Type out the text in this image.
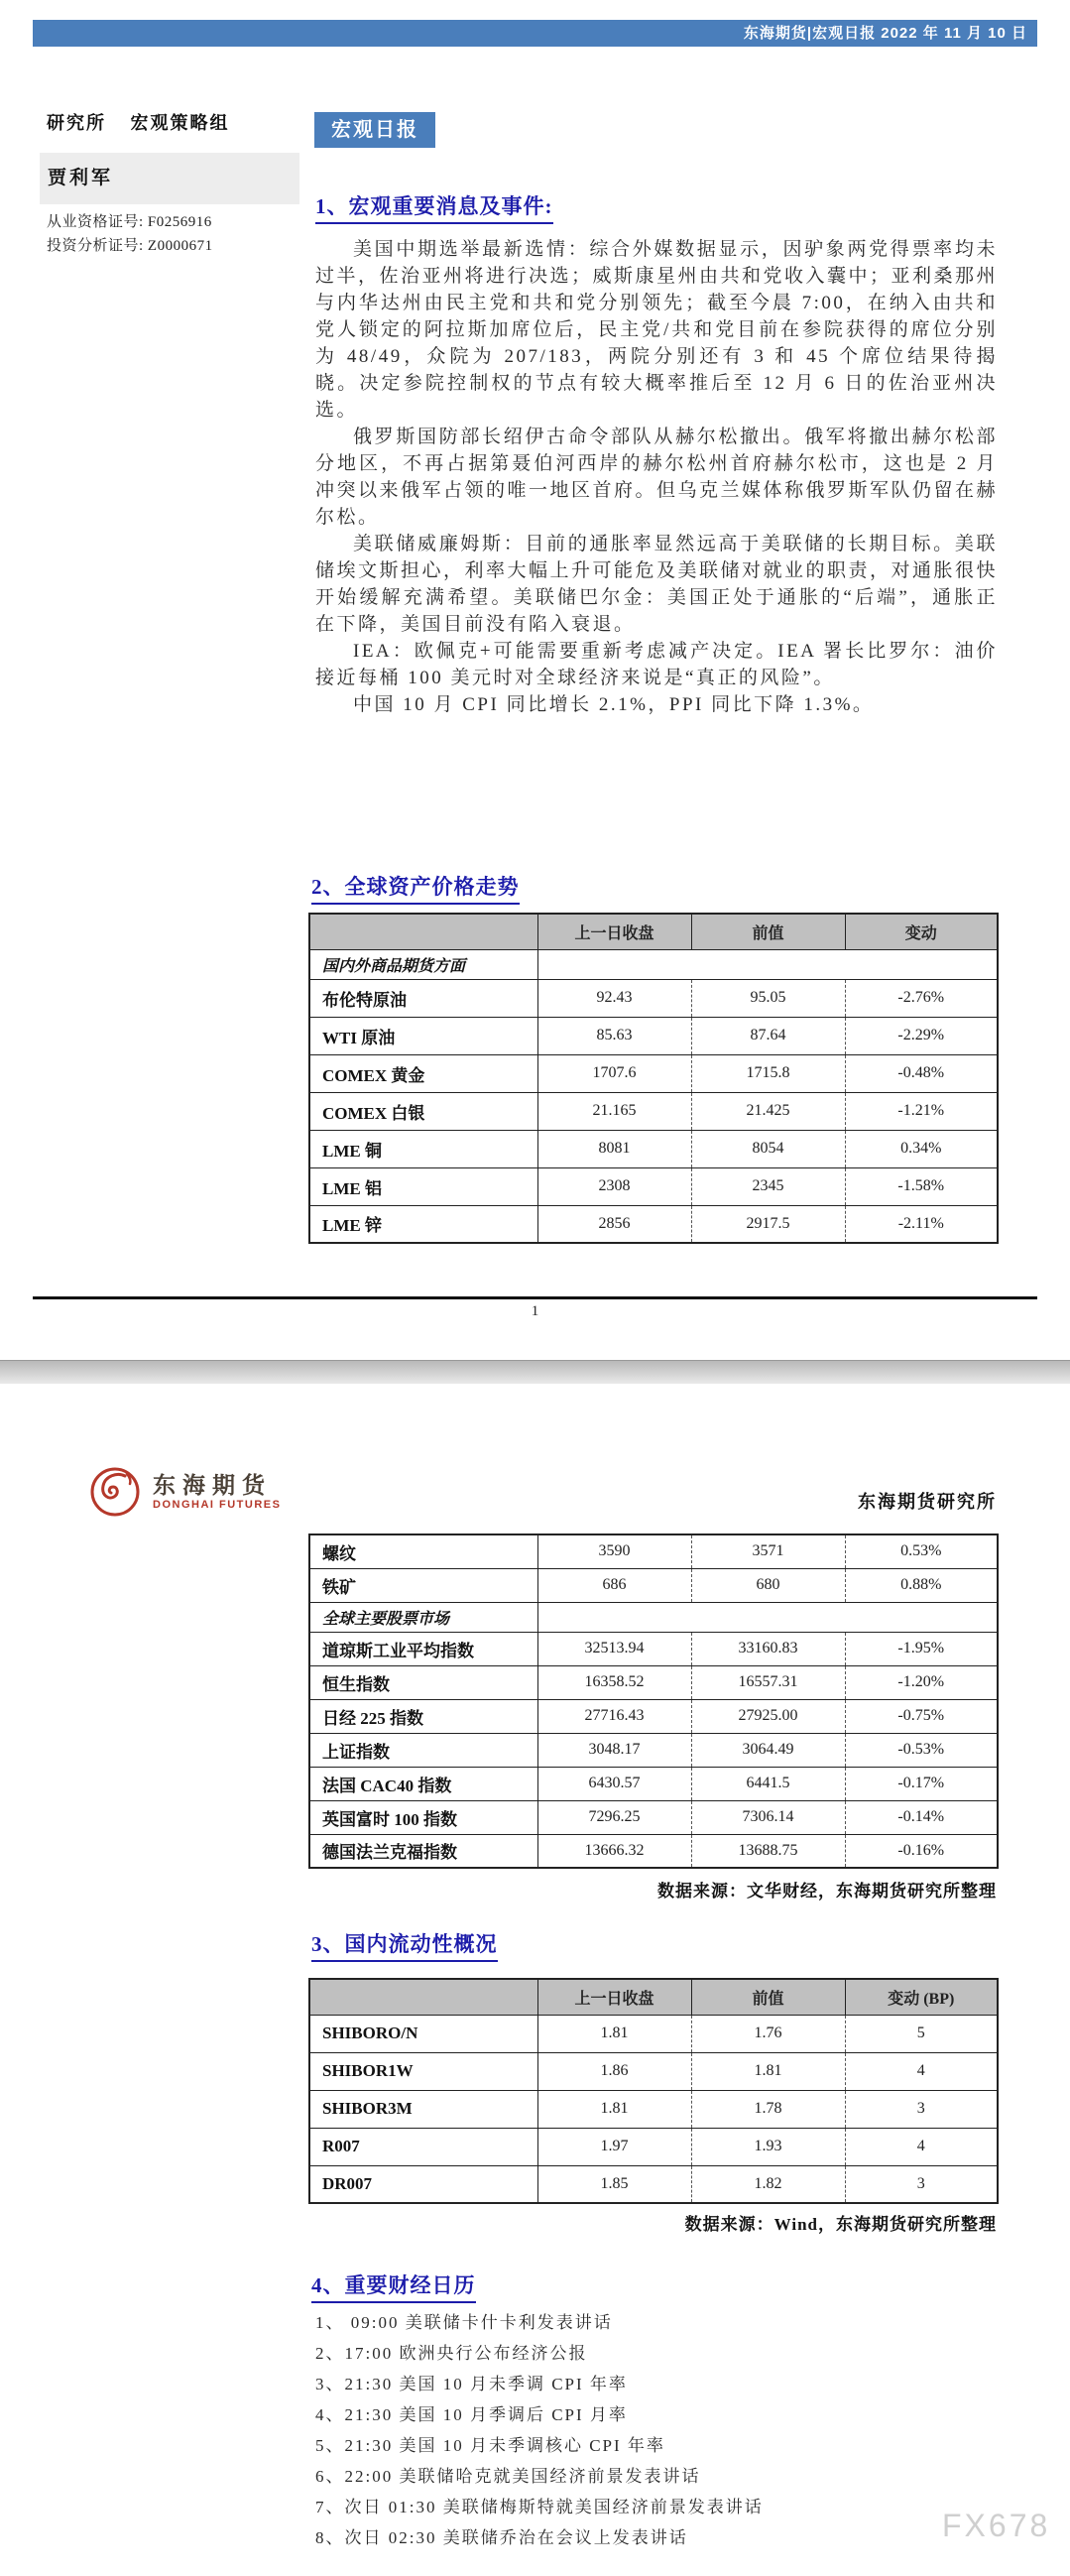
东海期货|宏观日报 2022 年 11 月 10 日
研究所 宏观策略组	宏观日报
贾利军
从业资格证号: F0256916
投资分析证号: Z0000671
1、宏观重要消息及事件:

美国中期选举最新选情：综合外媒数据显示，因驴象两党得票率均未过半，佐治亚州将进行决选；威斯康星州由共和党收入囊中；亚利桑那州与内华达州由民主党和共和党分别领先；截至今晨 7:00，在纳入由共和党人锁定的阿拉斯加席位后，民主党/共和党目前在参院获得的席位分别为 48/49，众院为 207/183，两院分别还有 3 和 45 个席位结果待揭晓。决定参院控制权的节点有较大概率推后至 12 月 6 日的佐治亚州决选。

俄罗斯国防部长绍伊古命令部队从赫尔松撤出。俄军将撤出赫尔松部分地区，不再占据第聂伯河西岸的赫尔松州首府赫尔松市，这也是 2 月冲突以来俄军占领的唯一地区首府。但乌克兰媒体称俄罗斯军队仍留在赫尔松。

美联储威廉姆斯：目前的通胀率显然远高于美联储的长期目标。美联储埃文斯担心，利率大幅上升可能危及美联储对就业的职责，对通胀很快开始缓解充满希望。美联储巴尔金：美国正处于通胀的“后端”，通胀正在下降，美国目前没有陷入衰退。

IEA：欧佩克+可能需要重新考虑减产决定。IEA 署长比罗尔：油价接近每桶 100 美元时对全球经济来说是“真正的风险”。

中国 10 月 CPI 同比增长 2.1%，PPI 同比下降 1.3%。

2、全球资产价格走势
	上一日收盘	前值	变动
国内外商品期货方面			
布伦特原油	92.43	95.05	-2.76%
WTI 原油	85.63	87.64	-2.29%
COMEX 黄金	1707.6	1715.8	-0.48%
COMEX 白银	21.165	21.425	-1.21%
LME 铜	8081	8054	0.34%
LME 铝	2308	2345	-1.58%
LME 锌	2856	2917.5	-2.11%
1
东海期货
DONGHAI FUTURES	东海期货研究所
螺纹	3590	3571	0.53%
铁矿	686	680	0.88%
全球主要股票市场			
道琼斯工业平均指数	32513.94	33160.83	-1.95%
恒生指数	16358.52	16557.31	-1.20%
日经 225 指数	27716.43	27925.00	-0.75%
上证指数	3048.17	3064.49	-0.53%
法国 CAC40 指数	6430.57	6441.5	-0.17%
英国富时 100 指数	7296.25	7306.14	-0.14%
德国法兰克福指数	13666.32	13688.75	-0.16%
数据来源：文华财经，东海期货研究所整理
3、国内流动性概况
	上一日收盘	前值	变动 (BP)
SHIBORO/N	1.81	1.76	5
SHIBOR1W	1.86	1.81	4
SHIBOR3M	1.81	1.78	3
R007	1.97	1.93	4
DR007	1.85	1.82	3
数据来源：Wind，东海期货研究所整理
4、重要财经日历
1、 09:00 美联储卡什卡利发表讲话
2、17:00 欧洲央行公布经济公报
3、21:30 美国 10 月未季调 CPI 年率
4、21:30 美国 10 月季调后 CPI 月率
5、21:30 美国 10 月未季调核心 CPI 年率
6、22:00 美联储哈克就美国经济前景发表讲话
7、次日 01:30 美联储梅斯特就美国经济前景发表讲话
8、次日 02:30 美联储乔治在会议上发表讲话	FX678
